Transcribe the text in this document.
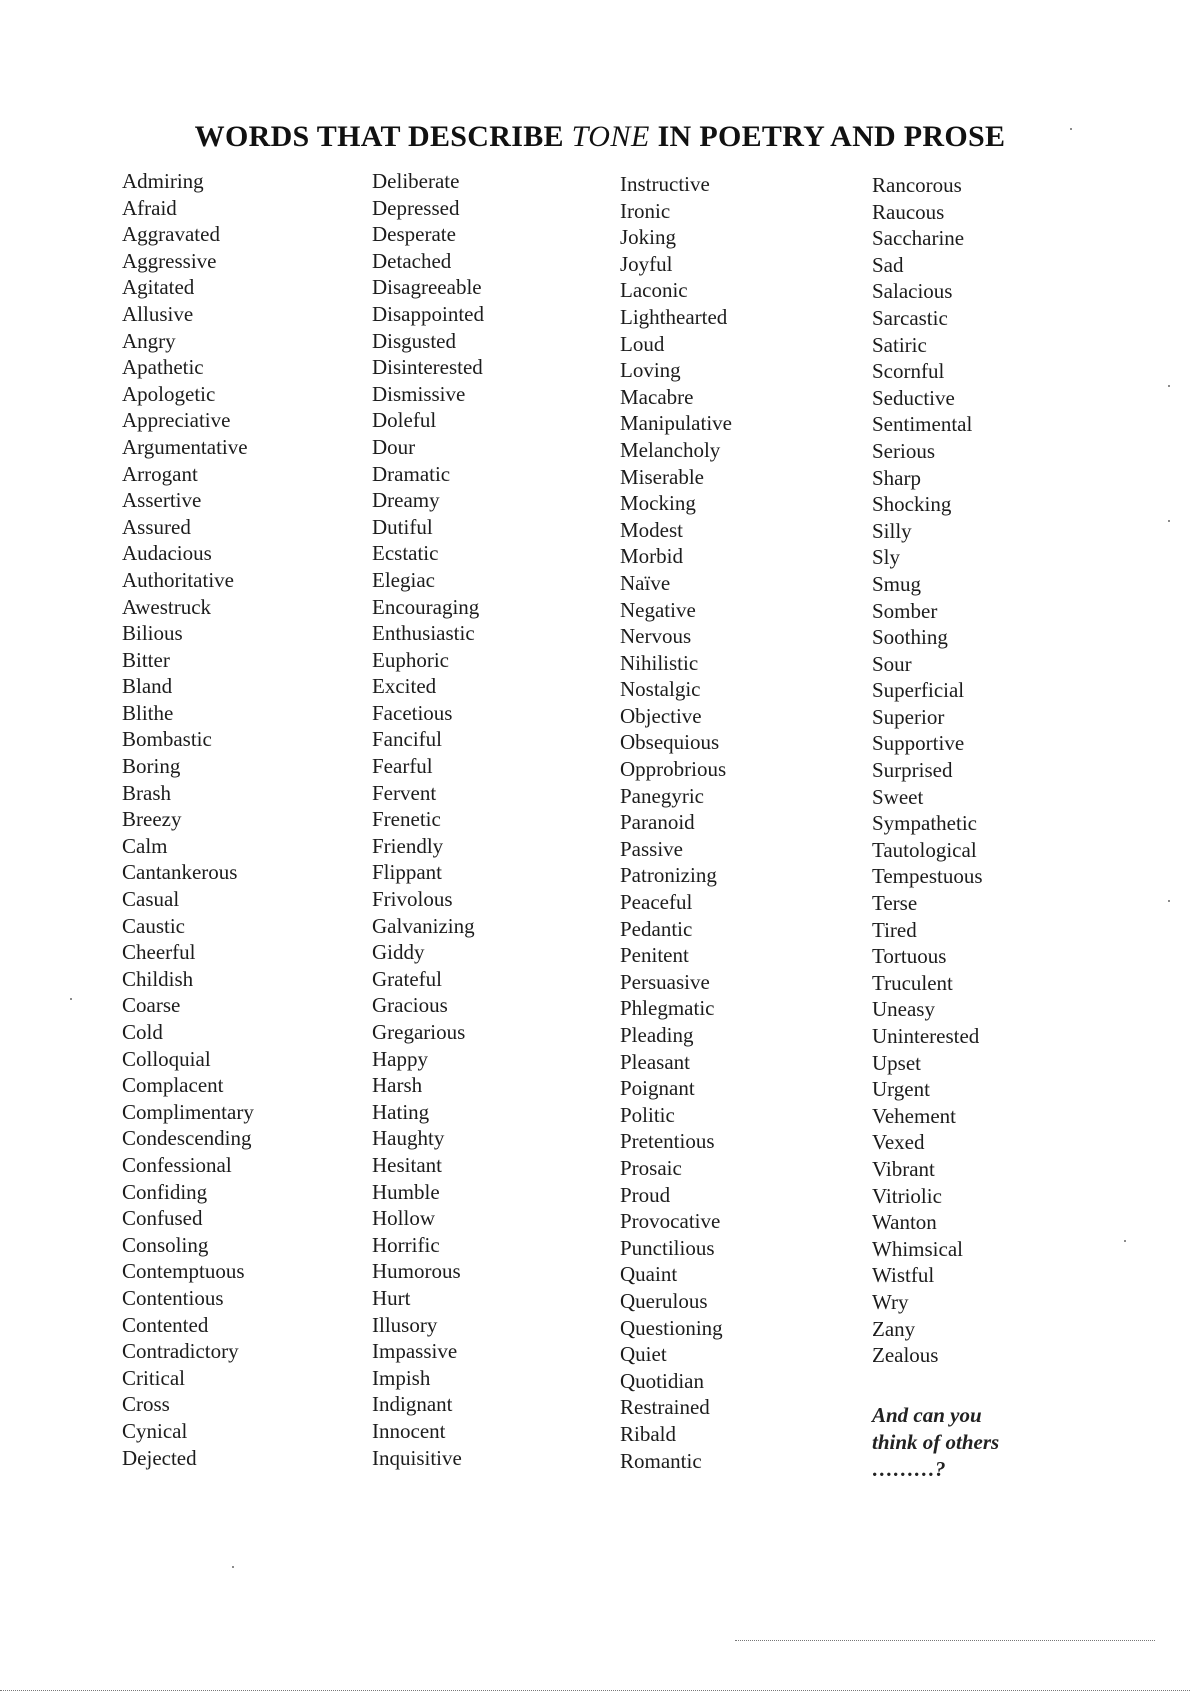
WORDS THAT DESCRIBE TONE IN POETRY AND PROSE
Admiring
Afraid
Aggravated
Aggressive
Agitated
Allusive
Angry
Apathetic
Apologetic
Appreciative
Argumentative
Arrogant
Assertive
Assured
Audacious
Authoritative
Awestruck
Bilious
Bitter
Bland
Blithe
Bombastic
Boring
Brash
Breezy
Calm
Cantankerous
Casual
Caustic
Cheerful
Childish
Coarse
Cold
Colloquial
Complacent
Complimentary
Condescending
Confessional
Confiding
Confused
Consoling
Contemptuous
Contentious
Contented
Contradictory
Critical
Cross
Cynical
Dejected
Deliberate
Depressed
Desperate
Detached
Disagreeable
Disappointed
Disgusted
Disinterested
Dismissive
Doleful
Dour
Dramatic
Dreamy
Dutiful
Ecstatic
Elegiac
Encouraging
Enthusiastic
Euphoric
Excited
Facetious
Fanciful
Fearful
Fervent
Frenetic
Friendly
Flippant
Frivolous
Galvanizing
Giddy
Grateful
Gracious
Gregarious
Happy
Harsh
Hating
Haughty
Hesitant
Humble
Hollow
Horrific
Humorous
Hurt
Illusory
Impassive
Impish
Indignant
Innocent
Inquisitive
Instructive
Ironic
Joking
Joyful
Laconic
Lighthearted
Loud
Loving
Macabre
Manipulative
Melancholy
Miserable
Mocking
Modest
Morbid
Naïve
Negative
Nervous
Nihilistic
Nostalgic
Objective
Obsequious
Opprobrious
Panegyric
Paranoid
Passive
Patronizing
Peaceful
Pedantic
Penitent
Persuasive
Phlegmatic
Pleading
Pleasant
Poignant
Politic
Pretentious
Prosaic
Proud
Provocative
Punctilious
Quaint
Querulous
Questioning
Quiet
Quotidian
Restrained
Ribald
Romantic
Rancorous
Raucous
Saccharine
Sad
Salacious
Sarcastic
Satiric
Scornful
Seductive
Sentimental
Serious
Sharp
Shocking
Silly
Sly
Smug
Somber
Soothing
Sour
Superficial
Superior
Supportive
Surprised
Sweet
Sympathetic
Tautological
Tempestuous
Terse
Tired
Tortuous
Truculent
Uneasy
Uninterested
Upset
Urgent
Vehement
Vexed
Vibrant
Vitriolic
Wanton
Whimsical
Wistful
Wry
Zany
Zealous
And can you
think of others
………?
